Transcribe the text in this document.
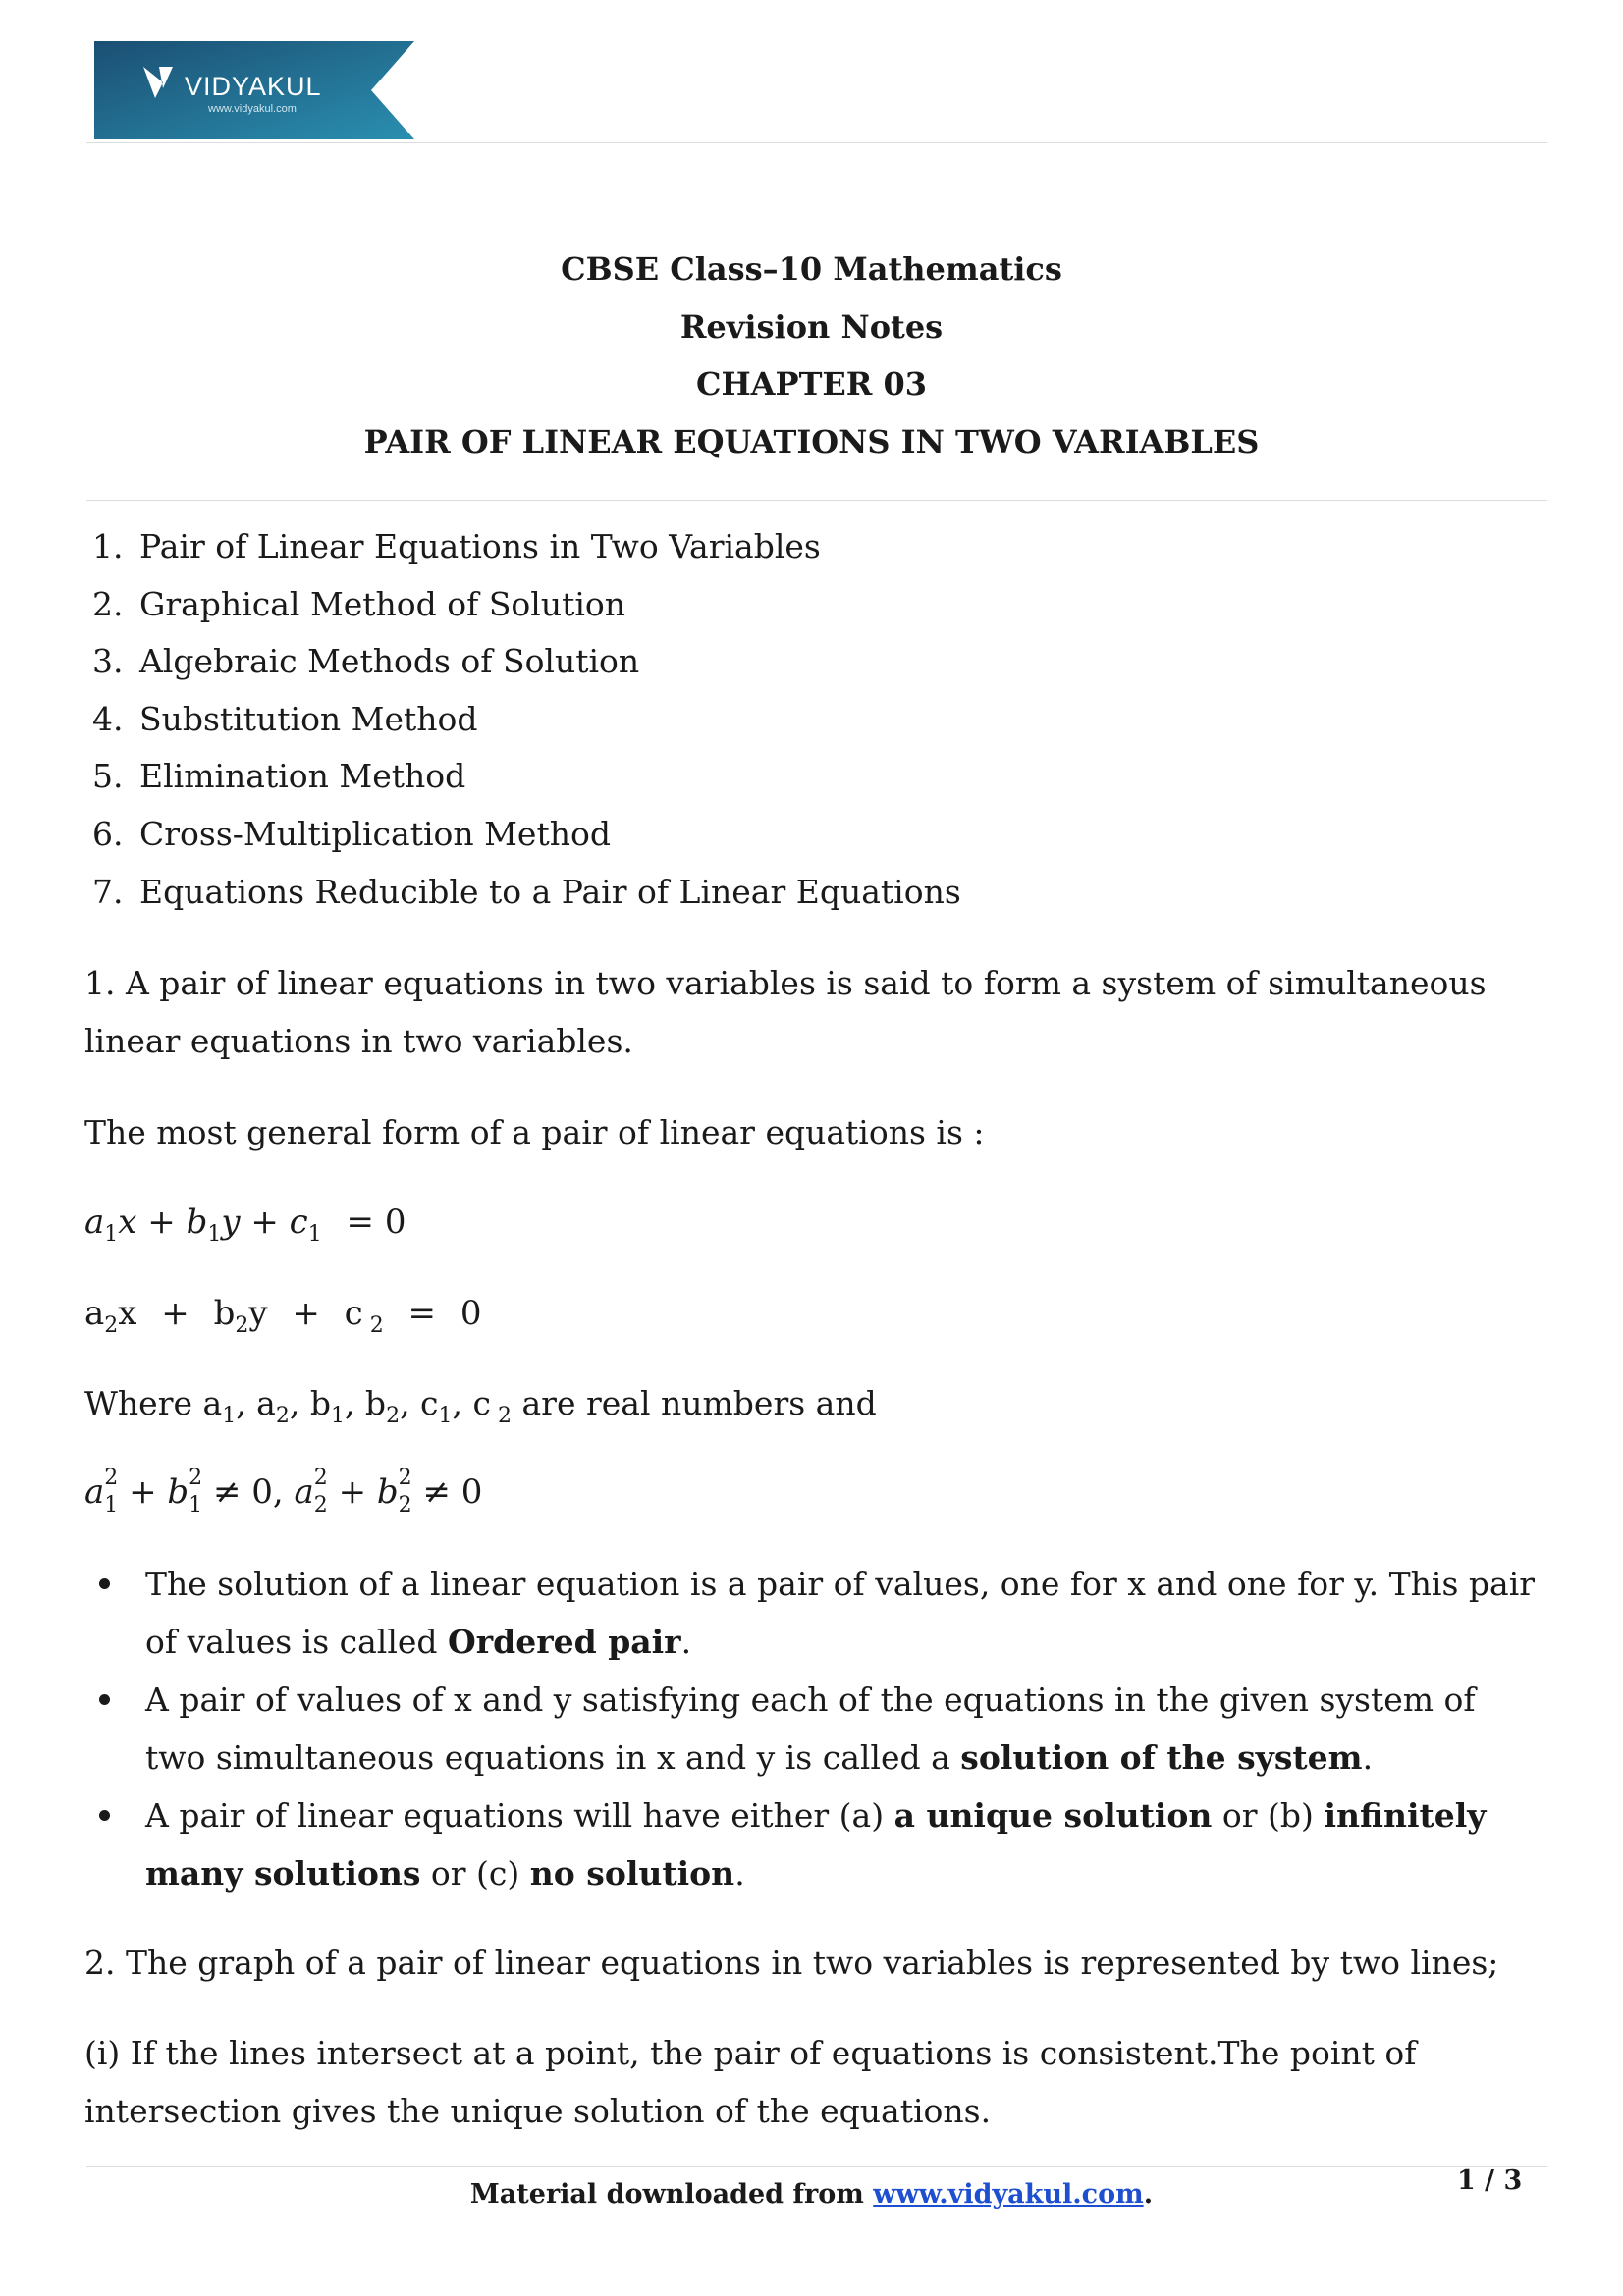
VIDYAKUL
www.vidyakul.com
CBSE Class–10 Mathematics
Revision Notes
CHAPTER 03
PAIR OF LINEAR EQUATIONS IN TWO VARIABLES
1. Pair of Linear Equations in Two Variables
2. Graphical Method of Solution
3. Algebraic Methods of Solution
4. Substitution Method
5. Elimination Method
6. Cross-Multiplication Method
7. Equations Reducible to a Pair of Linear Equations

1. A pair of linear equations in two variables is said to form a system of simultaneous linear equations in two variables.

The most general form of a pair of linear equations is :

$a_1x + b_1y + c_1 = 0$
$a_2x + b_2y + c$ $_2$ = 0
Where $a_1$, $a_2$, $b_1$, $b_2$, $c_1$, c $_2$ are real numbers and
a 2
1 + b 2
1 ≠ 0, a 2
2 + b 2
2 ≠ 0
The solution of a linear equation is a pair of values, one for x and one for y. This pair of values is called Ordered pair.
A pair of values of x and y satisfying each of the equations in the given system of two simultaneous equations in x and y is called a solution of the system.
A pair of linear equations will have either (a) a unique solution or (b) infinitely many solutions or (c) no solution.

2. The graph of a pair of linear equations in two variables is represented by two lines;

(i) If the lines intersect at a point, the pair of equations is consistent.The point of intersection gives the unique solution of the equations.

Material downloaded from www.vidyakul.com.	1 / 3
